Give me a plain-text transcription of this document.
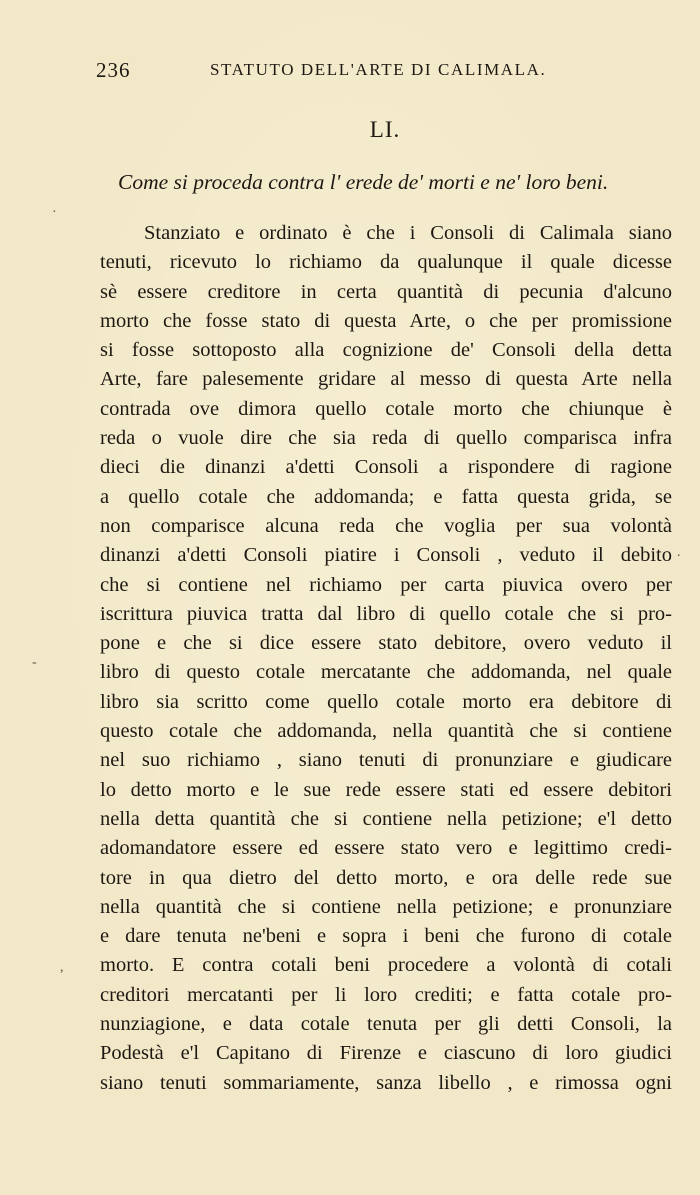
236	STATUTO DELL'ARTE DI CALIMALA.
LI.
Come si proceda contra l' erede de' morti e ne' loro beni.
Stanziato e ordinato è che i Consoli di Calimala siano
tenuti, ricevuto lo richiamo da qualunque il quale dicesse
sè essere creditore in certa quantità di pecunia d'alcuno
morto che fosse stato di questa Arte, o che per promissione
si fosse sottoposto alla cognizione de' Consoli della detta
Arte, fare palesemente gridare al messo di questa Arte nella
contrada ove dimora quello cotale morto che chiunque è
reda o vuole dire che sia reda di quello comparisca infra
dieci die dinanzi a'detti Consoli a rispondere di ragione
a quello cotale che addomanda; e fatta questa grida, se
non comparisce alcuna reda che voglia per sua volontà
dinanzi a'detti Consoli piatire i Consoli , veduto il debito
che si contiene nel richiamo per carta piuvica overo per
iscrittura piuvica tratta dal libro di quello cotale che si pro-
pone e che si dice essere stato debitore, overo veduto il
libro di questo cotale mercatante che addomanda, nel quale
libro sia scritto come quello cotale morto era debitore di
questo cotale che addomanda, nella quantità che si contiene
nel suo richiamo , siano tenuti di pronunziare e giudicare
lo detto morto e le sue rede essere stati ed essere debitori
nella detta quantità che si contiene nella petizione; e'l detto
adomandatore essere ed essere stato vero e legittimo credi-
tore in qua dietro del detto morto, e ora delle rede sue
nella quantità che si contiene nella petizione; e pronunziare
e dare tenuta ne'beni e sopra i beni che furono di cotale
morto. E contra cotali beni procedere a volontà di cotali
creditori mercatanti per li loro crediti; e fatta cotale pro-
nunziagione, e data cotale tenuta per gli detti Consoli, la
Podestà e'l Capitano di Firenze e ciascuno di loro giudici
siano tenuti sommariamente, sanza libello , e rimossa ogni
·
-
,
.
